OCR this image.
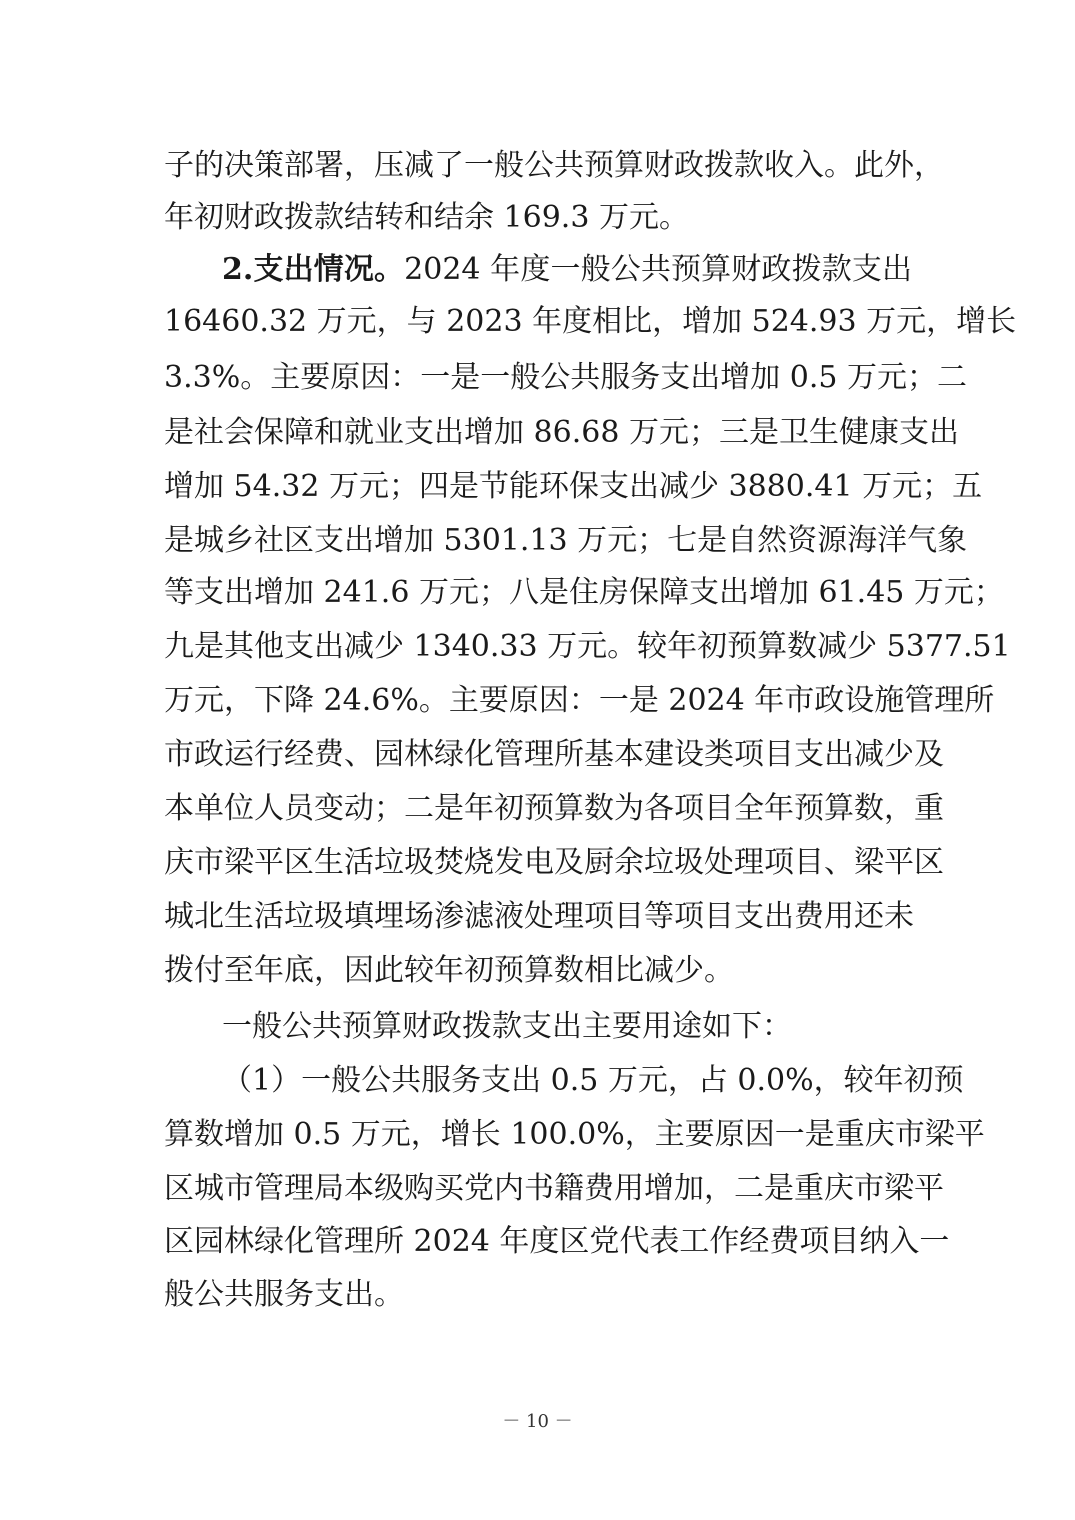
子的决策部署，压减了一般公共预算财政拨款收入。此外，
年初财政拨款结转和结余 169.3 万元。
2.支出情况。2024 年度一般公共预算财政拨款支出
16460.32 万元，与 2023 年度相比，增加 524.93 万元，增长
3.3%。主要原因：一是一般公共服务支出增加 0.5 万元；二
是社会保障和就业支出增加 86.68 万元；三是卫生健康支出
增加 54.32 万元；四是节能环保支出减少 3880.41 万元；五
是城乡社区支出增加 5301.13 万元；七是自然资源海洋气象
等支出增加 241.6 万元；八是住房保障支出增加 61.45 万元；
九是其他支出减少 1340.33 万元。较年初预算数减少 5377.51
万元，下降 24.6%。主要原因：一是 2024 年市政设施管理所
市政运行经费、园林绿化管理所基本建设类项目支出减少及
本单位人员变动；二是年初预算数为各项目全年预算数，重
庆市梁平区生活垃圾焚烧发电及厨余垃圾处理项目、梁平区
城北生活垃圾填埋场渗滤液处理项目等项目支出费用还未
拨付至年底，因此较年初预算数相比减少。
一般公共预算财政拨款支出主要用途如下：
（1）一般公共服务支出 0.5 万元，占 0.0%，较年初预
算数增加 0.5 万元，增长 100.0%，主要原因一是重庆市梁平
区城市管理局本级购买党内书籍费用增加，二是重庆市梁平
区园林绿化管理所 2024 年度区党代表工作经费项目纳入一
般公共服务支出。
－ 10 －
